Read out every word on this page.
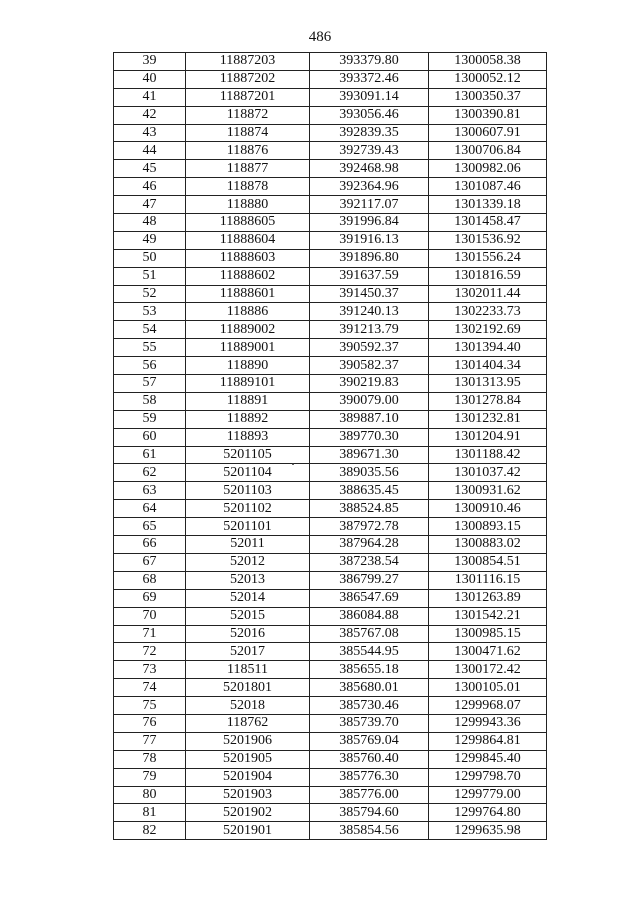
486
39	11887203	393379.80	1300058.38
40	11887202	393372.46	1300052.12
41	11887201	393091.14	1300350.37
42	118872	393056.46	1300390.81
43	118874	392839.35	1300607.91
44	118876	392739.43	1300706.84
45	118877	392468.98	1300982.06
46	118878	392364.96	1301087.46
47	118880	392117.07	1301339.18
48	11888605	391996.84	1301458.47
49	11888604	391916.13	1301536.92
50	11888603	391896.80	1301556.24
51	11888602	391637.59	1301816.59
52	11888601	391450.37	1302011.44
53	118886	391240.13	1302233.73
54	11889002	391213.79	1302192.69
55	11889001	390592.37	1301394.40
56	118890	390582.37	1301404.34
57	11889101	390219.83	1301313.95
58	118891	390079.00	1301278.84
59	118892	389887.10	1301232.81
60	118893	389770.30	1301204.91
61	5201105	389671.30	1301188.42
62	5201104	389035.56	1301037.42
63	5201103	388635.45	1300931.62
64	5201102	388524.85	1300910.46
65	5201101	387972.78	1300893.15
66	52011	387964.28	1300883.02
67	52012	387238.54	1300854.51
68	52013	386799.27	1301116.15
69	52014	386547.69	1301263.89
70	52015	386084.88	1301542.21
71	52016	385767.08	1300985.15
72	52017	385544.95	1300471.62
73	118511	385655.18	1300172.42
74	5201801	385680.01	1300105.01
75	52018	385730.46	1299968.07
76	118762	385739.70	1299943.36
77	5201906	385769.04	1299864.81
78	5201905	385760.40	1299845.40
79	5201904	385776.30	1299798.70
80	5201903	385776.00	1299779.00
81	5201902	385794.60	1299764.80
82	5201901	385854.56	1299635.98
